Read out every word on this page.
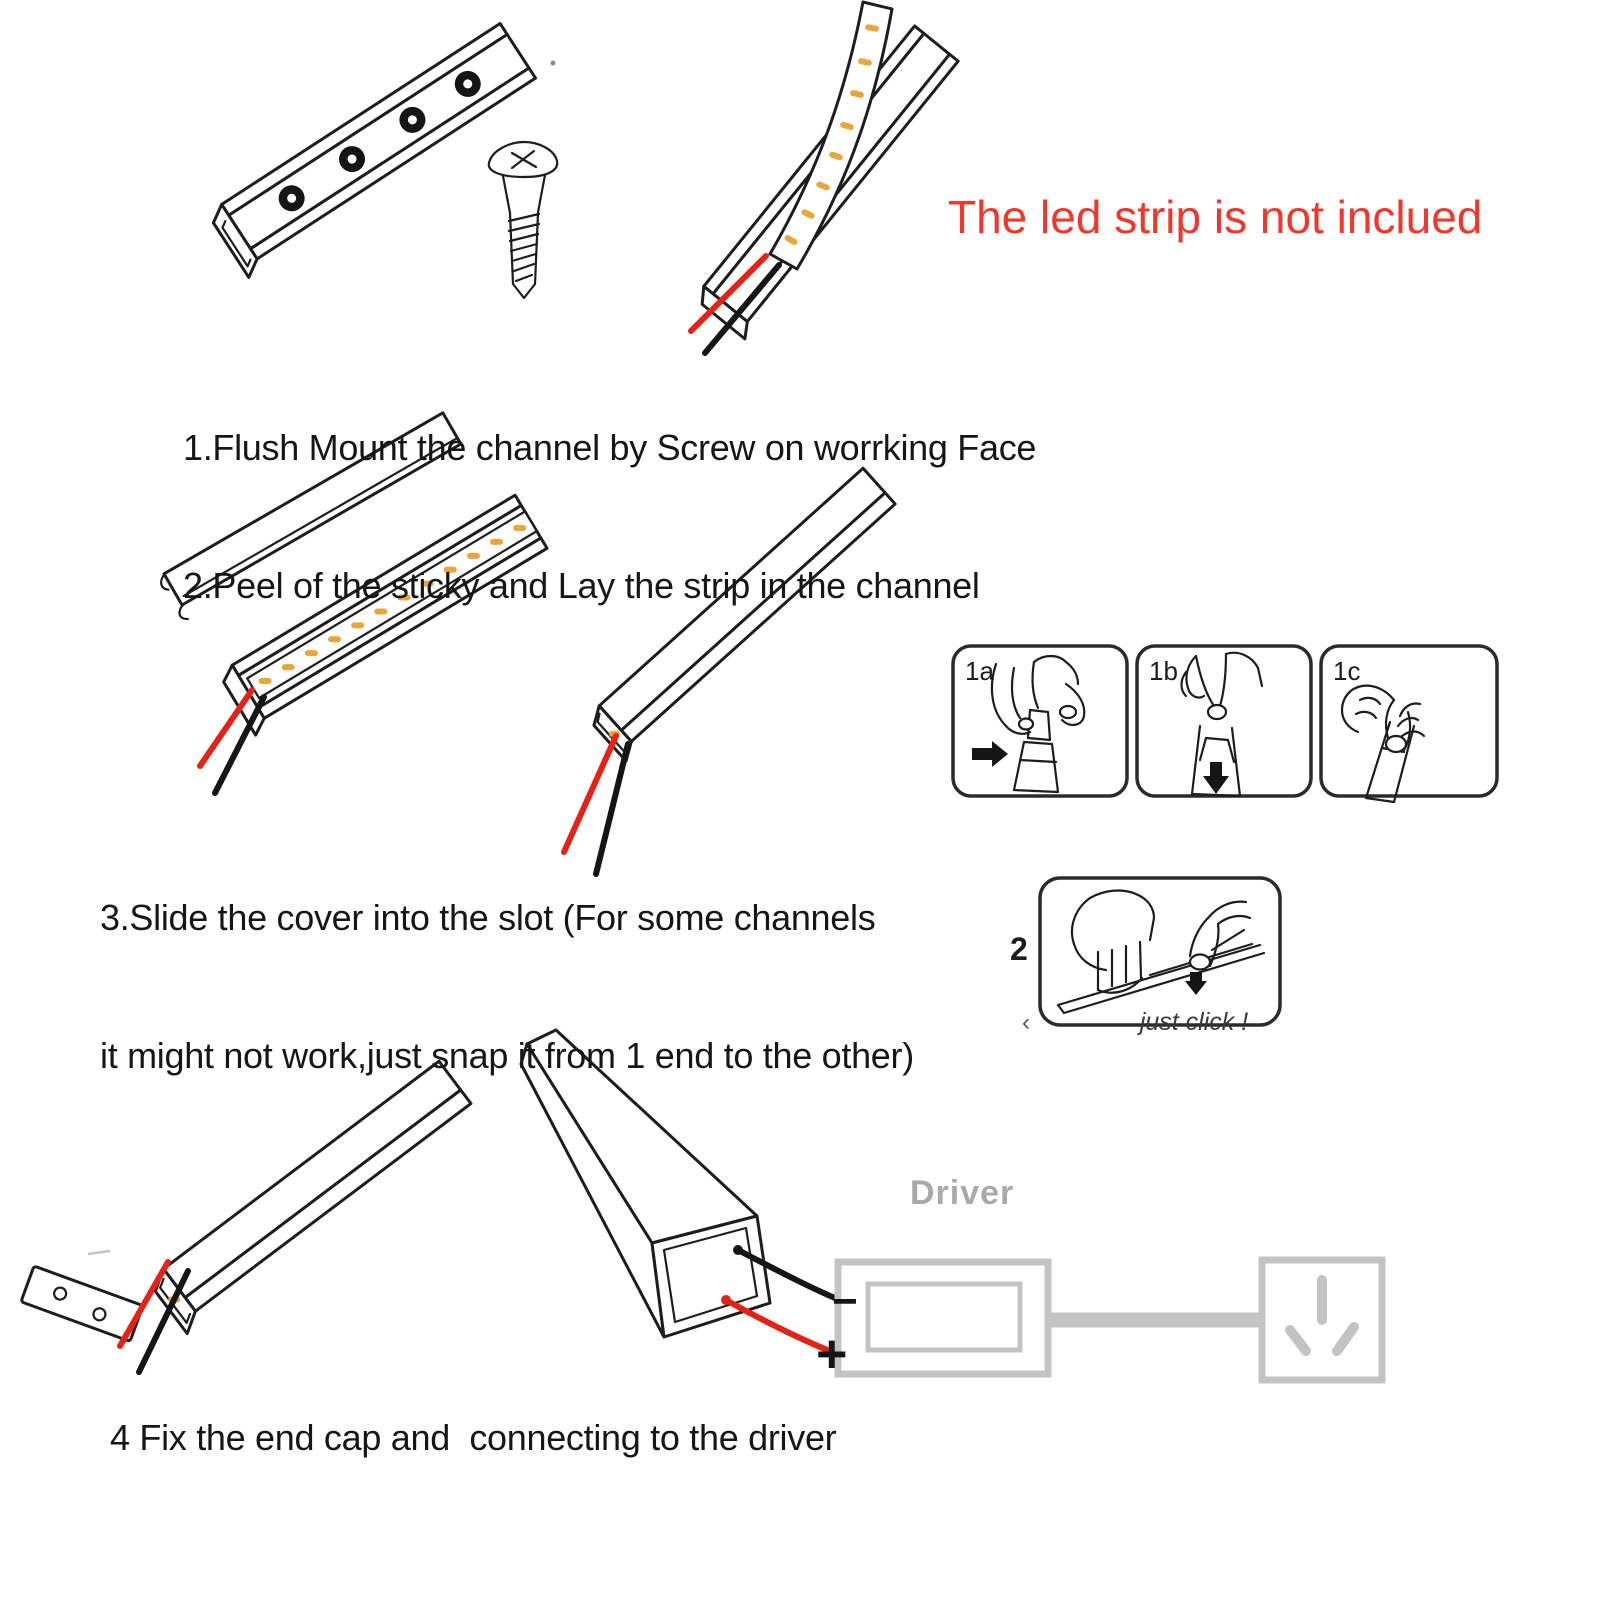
1a	1b	1c
2
‹	just click !
−
+
The led strip is not inclued

1.Flush Mount the channel by Screw on worrking Face

2.Peel of the sticky and Lay the strip in the channel

3.Slide the cover into the slot (For some channels

it might not work,just snap it from 1 end to the other)

4 Fix the end cap and  connecting to the driver
Driver
